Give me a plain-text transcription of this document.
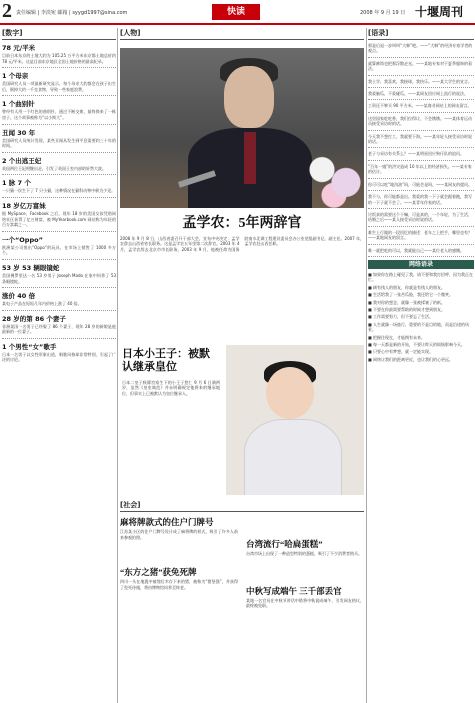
2 责任编辑 | 李淡宛 邮箱 | syygd1997@sina.com	快读	2008 年 9 月 19 日 十堰周刊
[数字]
78 元/平米
目前日本东京的土地大约为 105.25 万平方米东京都土地总价约 78 元/平米，这是目前东京地区全国土地价格的最高纪录。
1 个母亲
美国研究人员一项最新研究显示，每个母亲大约都会在孩子出生后，倒掉大约一千克食物，导致一些家庭浪费。
1 个曲别针
曾经有人用一个红色的曲别针，通过不断交换，最终换来了一栋房子。这个故事被称为“以小换大”。
丑闻 30 年
美国研究人员统计发现，某些丑闻从发生到平息需要约三十年的时间。
2 个出逃王妃
英国两位王妃相继出走，引发了英国王室内部的轩然大波。
1 脉 7 个
一只猫一次生下了 7 只小猫，这种情况在猫科动物中极为少见。
18 岁亿万富妹
据 MySpace、Facebook 之后，现年 18 岁的美国女孩凭借网络社区获得了亿万财富，被 MyYearbook.com 网站称为年轻的百万富翁之一。
一个“Oppo”
欧洲某公司推出“Oppo”的玩具，在市场上销售了 1000 多万个。
53 岁 53 辆眼镜蛇
美国佛罗里达一名 53 岁男子 Joseph Mado 在家中饲养了 53 条眼镜蛇。
涨价 40 倍
某电子产品在短短几年内价格上涨了 40 倍。
28 岁的第 86 个妻子
非洲某国一名男子已经娶了 86 个妻子，现年 28 岁的新娘是他最新的一位妻子。
1 个男性“女”歌手
日本一名男子以女性形象出道，唱歌风格却非常特别，引起了广泛的讨论。
[人物]
孟学农：5年两辞官
2008 年 9 月 8 日，山西省委召开干部大会，宣布中央决定：孟学农辞去山西省省长职务。这是孟学农五年里第二次辞官。2003 年 4 月，孟学农辞去北京市市长职务。2003 年 9 月，他被任命为国务院南水北调工程建设委员会办公室党组副书记、副主任。2007 年，孟学农赴山西任职。
日本小王子：被默认继承皇位
日本二皇子秋篠宫家生下的小王子悠仁 9 月 6 日满两岁，虽然《皇室典范》并未明确规定他将来的继承地位，但事实上已被默认为皇位继承人。
[社会]
麻将牌款式的住户门牌号
江苏某小区的住户门牌号设计成了麻将牌的样式，吸引了许多人前来参观拍照。
“东方之猪”获免死牌
四川一头在地震中被埋后幸存下来的猪，被称为“猪坚强”，并获得了免死待遇，将由博物馆饲养至终老。
台湾流行“哈扁蛋糕”
台湾市场上出现了一种造型特别的蛋糕，吸引了不少消费者购买。
中秋写成端午 三千部丢官
某地一名官员在中秋节讲话中错将中秋说成端午，引发网友热议，最终被免职。
[语录]
那是后退一步叫叫“大韩”吧。——“大韩”的经济专家学者的观点。
就算裤筒也把那浮散走光。——某地专家对于夏季服饰的看法。
我士学，我喜欢，我接球，我快乐。——某大学生的宣言。
我爱脑瓜，不爱碰瓜。——某网友回应网上流行的说法。
工资还不够买 90 平方米。——某商业网站上的网友留言。
这里国家吃吃香，我们拉得让，不会饿饿。——某体育运动员接受采访时的话。
今天我不想打工，我就要下海。——某年轻人接受采访时说的话。
老子与采访有关系么？——某明星回应狗仔队的追问。
“百年一遇”的洪灾造成 10 年以上的经济损失。——某专家的估计。
你可可以吃“地沟油”吗，可能会是吗。——某网友的提问。
我不与，你可能都是出。我爱的我一下子就会跟着跑，我写的一下子就不会了。——某青年作家的话。
讨饭真的需要这个干嘛，可是真的，一个年轻，为了生活，结婚之后——某人接受采访时说的话。
难生上行做的一段回忆的描述：老车之上把手，哪里也有？——某地网友的留言。
唯一就把吃的可以，我就能自己——某位老人的感慨。
网络语录
■ 如果你在路上碰见了我，请不要和我打招呼，因为我正在忙。
■ 刷有钱人的朋友，你就是有钱人的朋友。
■ 生活给我了一张苦瓜脸，我还给它一个微笑。
■ 我对你的想念，就像一张被揉皱了的纸。
■ 不要在你最需要帮助的时候才想到朋友。
■ 工作需要努力，但不要忘了生活。
■ 人生就像一场旅行，重要的不是目的地，而是沿途的风景。
■ 把握住现在，才能拥有未来。
■ 每一天都是新的开始，不要让昨天的烦恼影响今天。
■ 只要心中有梦想，就一定能实现。
■ 网络让我们的距离更近，也让我们的心更远。
